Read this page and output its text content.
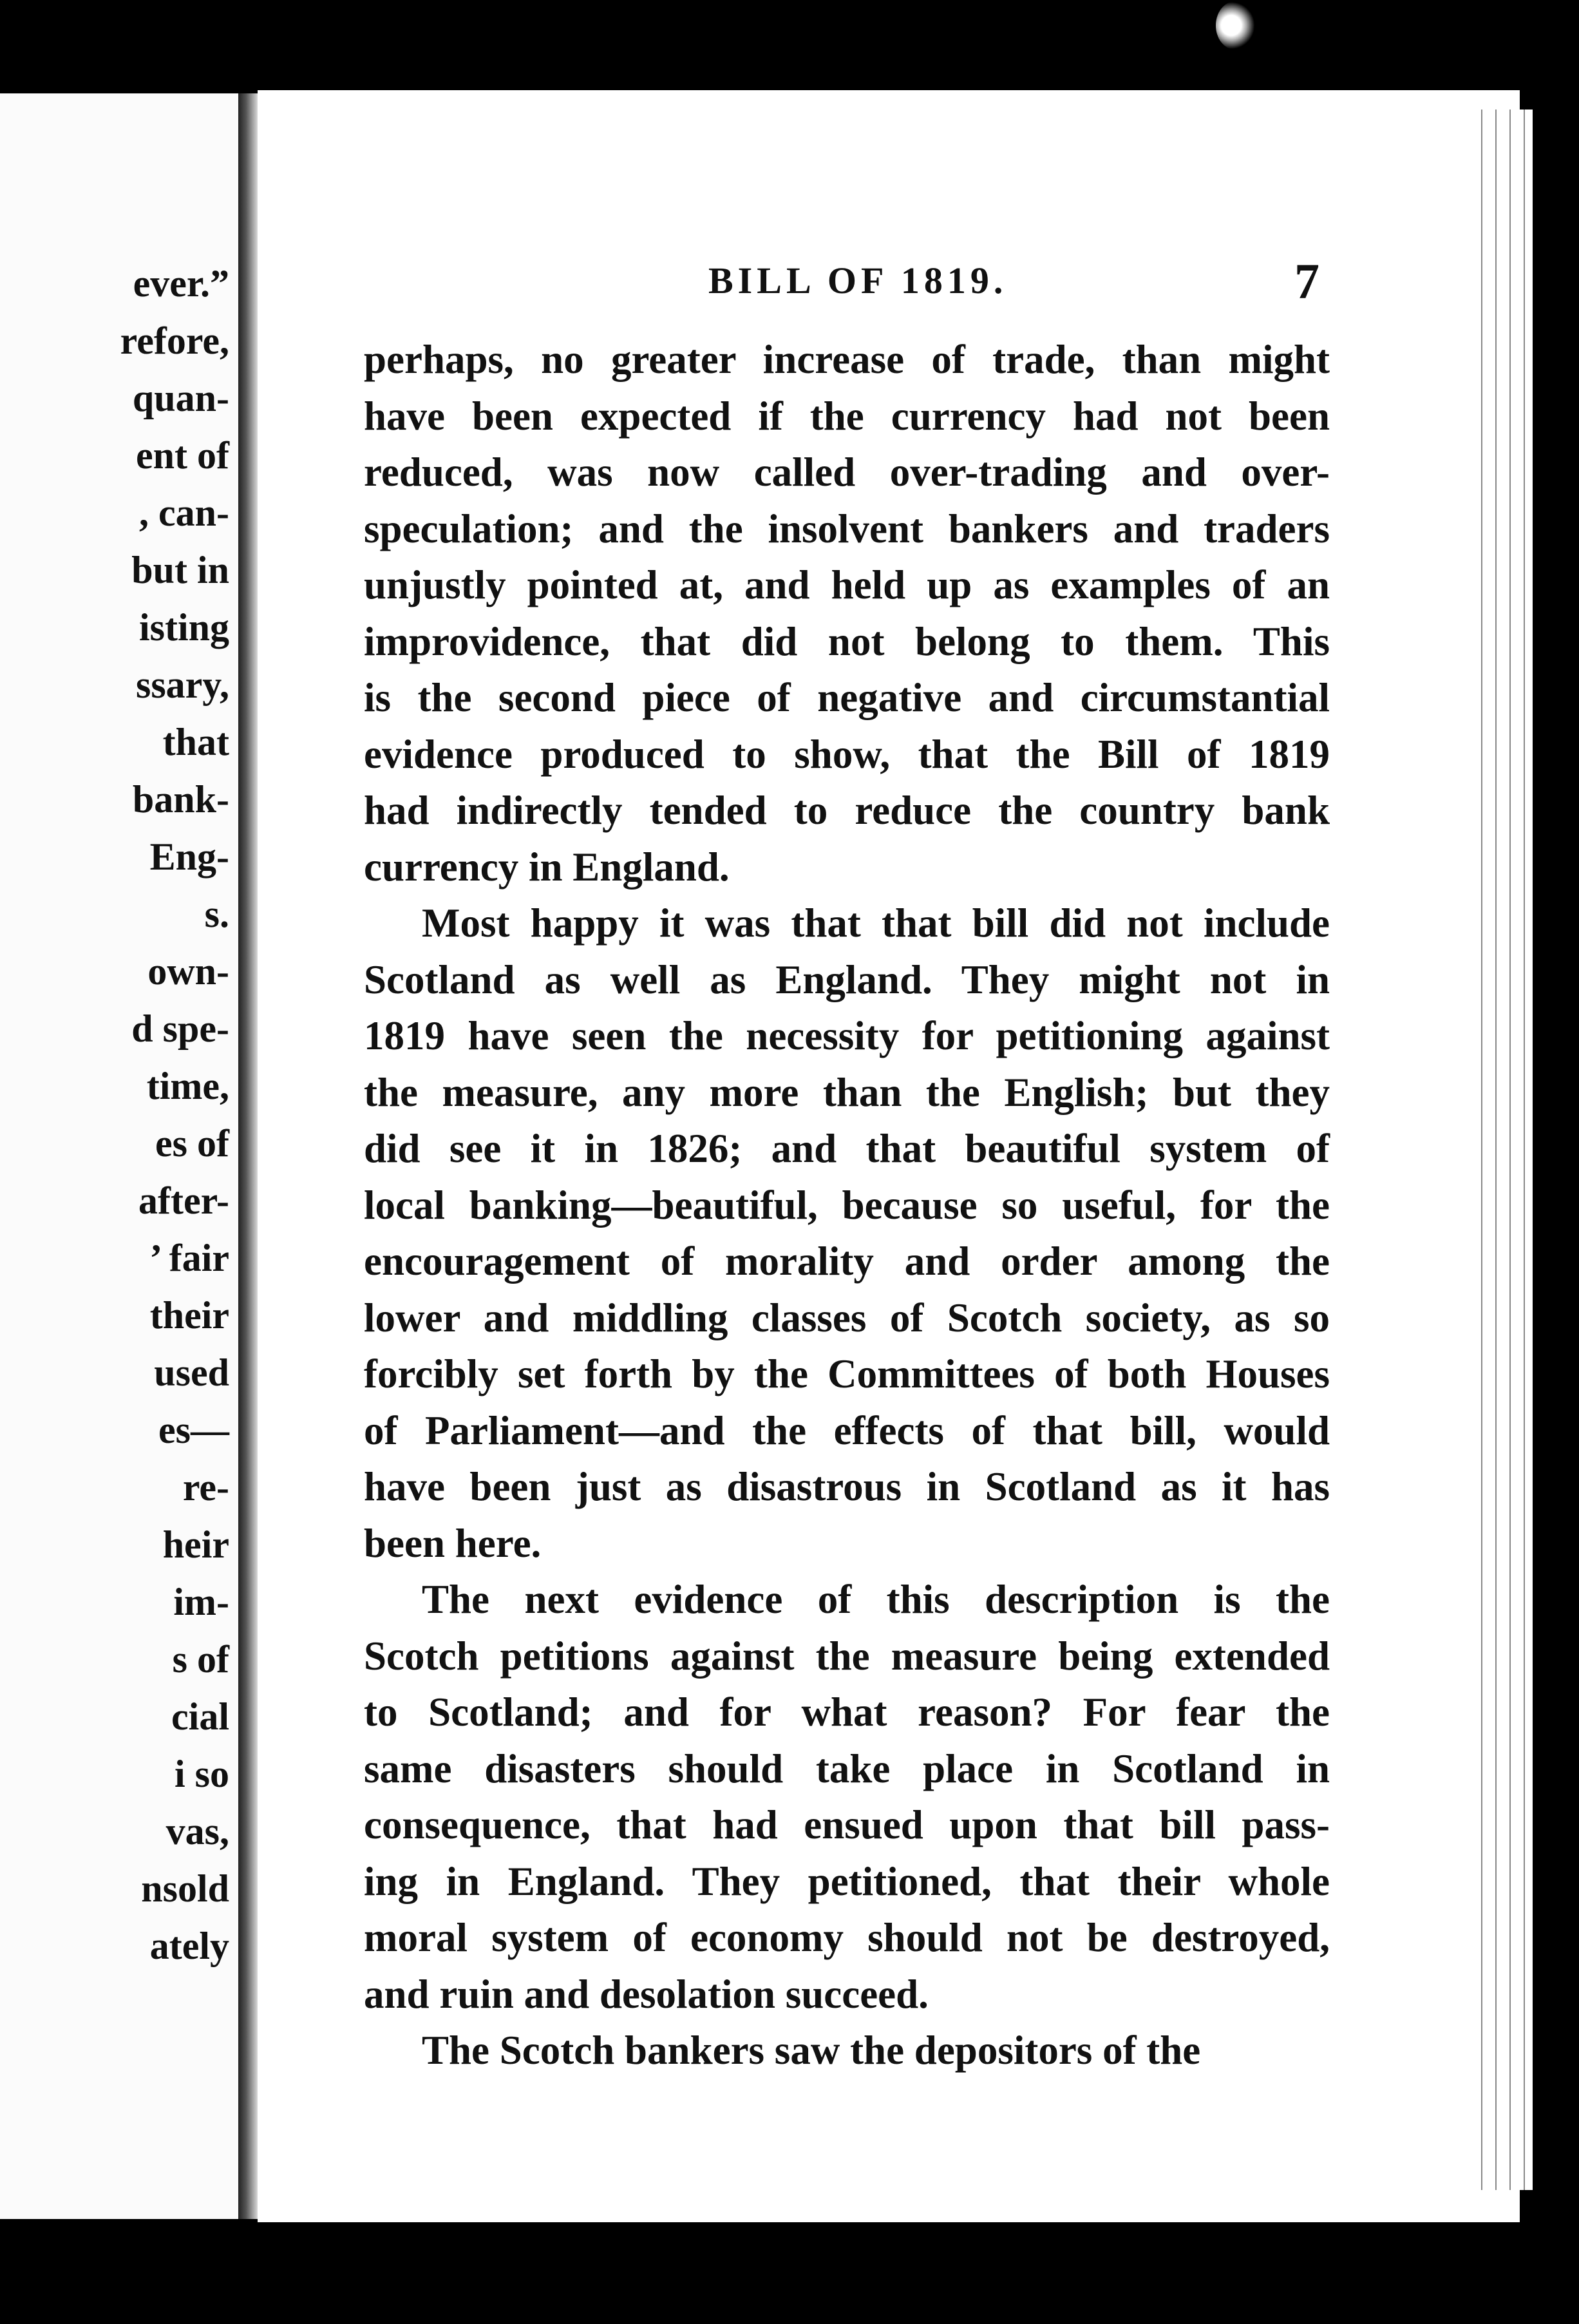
ever.”
refore,
quan-
ent of
, can-
but in
isting
ssary,
that
bank-
Eng-
s.
own-
d spe-
time,
es of
after-
’ fair
their
used
es—
re-
heir
im-
s of
cial
i so
vas,
nsold
ately
BILL OF 1819.	7
perhaps, no greater increase of trade, than might
have been expected if the currency had not been
reduced, was now called over-trading and over-
speculation; and the insolvent bankers and traders
unjustly pointed at, and held up as examples of an
improvidence, that did not belong to them. This
is the second piece of negative and circumstantial
evidence produced to show, that the Bill of 1819
had indirectly tended to reduce the country bank
currency in England.
Most happy it was that that bill did not include
Scotland as well as England. They might not in
1819 have seen the necessity for petitioning against
the measure, any more than the English; but they
did see it in 1826; and that beautiful system of
local banking—beautiful, because so useful, for the
encouragement of morality and order among the
lower and middling classes of Scotch society, as so
forcibly set forth by the Committees of both Houses
of Parliament—and the effects of that bill, would
have been just as disastrous in Scotland as it has
been here.
The next evidence of this description is the
Scotch petitions against the measure being extended
to Scotland; and for what reason? For fear the
same disasters should take place in Scotland in
consequence, that had ensued upon that bill pass-
ing in England. They petitioned, that their whole
moral system of economy should not be destroyed,
and ruin and desolation succeed.
The Scotch bankers saw the depositors of the
